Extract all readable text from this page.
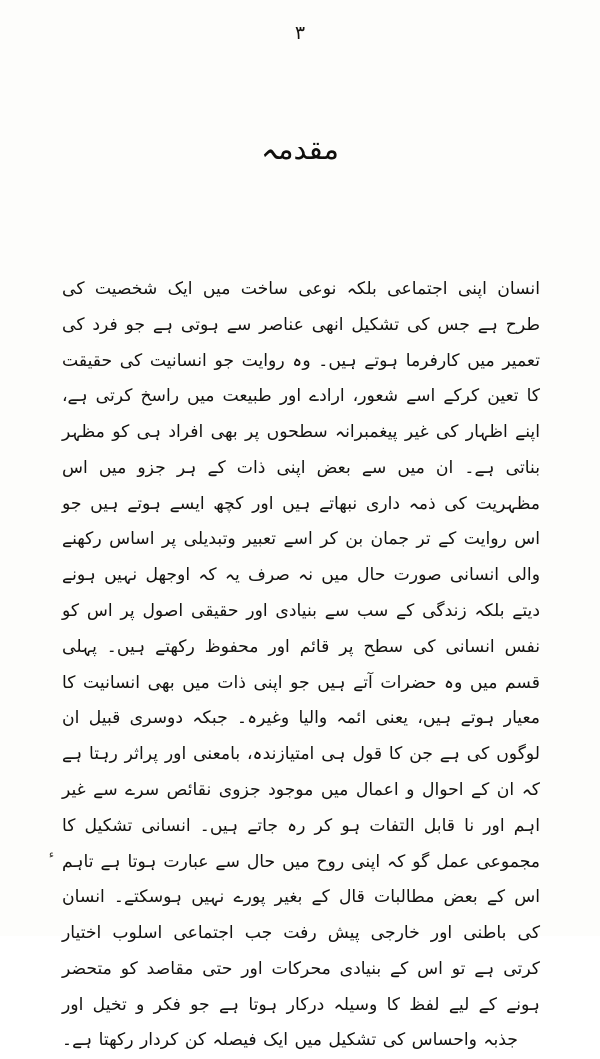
۳
مقدمہ

انسان اپنی اجتماعی بلکہ نوعی ساخت میں ایک شخصیت کی طرح ہے جس کی تشکیل انھی عناصر سے ہوتی ہے جو فرد کی تعمیر میں کارفرما ہوتے ہیں۔ وہ روایت جو انسانیت کی حقیقت کا تعین کرکے اسے شعور، ارادے اور طبیعت میں راسخ کرتی ہے، اپنے اظہار کی غیر پیغمبرانہ سطحوں پر بھی افراد ہی کو مظہر بناتی ہے۔ ان میں سے بعض اپنی ذات کے ہر جزو میں اس مظہریت کی ذمہ داری نبھاتے ہیں اور کچھ ایسے ہوتے ہیں جو اس روایت کے تر جمان بن کر اسے تعبیر وتبدیلی پر اساس رکھنے والی انسانی صورت حال میں نہ صرف یہ کہ اوجھل نہیں ہونے دیتے بلکہ زندگی کے سب سے بنیادی اور حقیقی اصول پر اس کو نفس انسانی کی سطح پر قائم اور محفوظ رکھتے ہیں۔ پہلی قسم میں وہ حضرات آتے ہیں جو اپنی ذات میں بھی انسانیت کا معیار ہوتے ہیں، یعنی ائمہ والیا وغیرہ۔ جبکہ دوسری قبیل ان لوگوں کی ہے جن کا قول ہی امتیازندہ، بامعنی اور پراثر رہتا ہے کہ ان کے احوال و اعمال میں موجود جزوی نقائص سرے سے غیر اہم اور نا قابل التفات ہو کر رہ جاتے ہیں۔ انسانی تشکیل کا مجموعی عمل گو کہ اپنی روح میں حال سے عبارت ہوتا ہے تاہم اس کے بعض مطالبات قال کے بغیر پورے نہیں ہوسکتے۔ انسان کی باطنی اور خارجی پیش رفت جب اجتماعی اسلوب اختیار کرتی ہے تو اس کے بنیادی محرکات اور حتی مقاصد کو متحضر ہونے کے لیے لفظ کا وسیلہ درکار ہوتا ہے جو فکر و تخیل اور جذبہ واحساس کی تشکیل میں ایک فیصلہ کن کردار رکھتا ہے۔

ء
